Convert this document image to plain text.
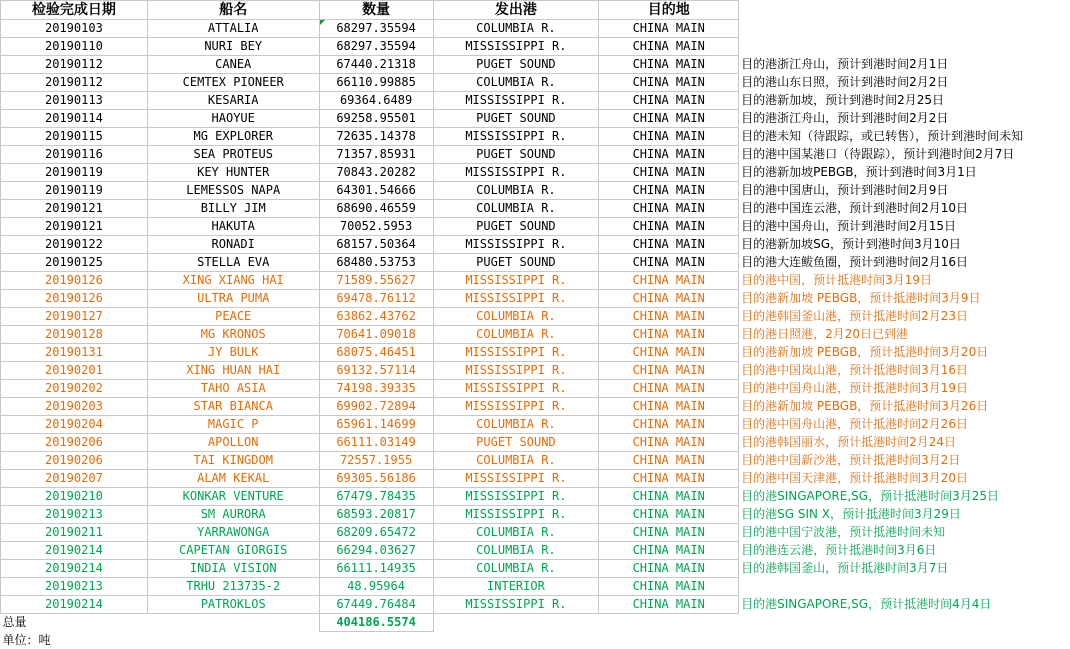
检验完成日期	船名	数量	发出港	目的地	
20190103	ATTALIA	68297.35594	COLUMBIA R.	CHINA MAIN	
20190110	NURI BEY	68297.35594	MISSISSIPPI R.	CHINA MAIN	
20190112	CANEA	67440.21318	PUGET SOUND	CHINA MAIN	目的港浙江舟山，预计到港时间2月1日
20190112	CEMTEX PIONEER	66110.99885	COLUMBIA R.	CHINA MAIN	目的港山东日照，预计到港时间2月2日
20190113	KESARIA	69364.6489	MISSISSIPPI R.	CHINA MAIN	目的港新加坡，预计到港时间2月25日
20190114	HAOYUE	69258.95501	PUGET SOUND	CHINA MAIN	目的港浙江舟山，预计到港时间2月2日
20190115	MG EXPLORER	72635.14378	MISSISSIPPI R.	CHINA MAIN	目的港未知（待跟踪，或已转售），预计到港时间未知
20190116	SEA PROTEUS	71357.85931	PUGET SOUND	CHINA MAIN	目的港中国某港口（待跟踪），预计到港时间2月7日
20190119	KEY HUNTER	70843.20282	MISSISSIPPI R.	CHINA MAIN	目的港新加坡PEBGB，预计到港时间3月1日
20190119	LEMESSOS NAPA	64301.54666	COLUMBIA R.	CHINA MAIN	目的港中国唐山，预计到港时间2月9日
20190121	BILLY JIM	68690.46559	COLUMBIA R.	CHINA MAIN	目的港中国连云港，预计到港时间2月10日
20190121	HAKUTA	70052.5953	PUGET SOUND	CHINA MAIN	目的港中国舟山，预计到港时间2月15日
20190122	RONADI	68157.50364	MISSISSIPPI R.	CHINA MAIN	目的港新加坡SG，预计到港时间3月10日
20190125	STELLA EVA	68480.53753	PUGET SOUND	CHINA MAIN	目的港大连鲅鱼圈，预计到港时间2月16日
20190126	XING XIANG HAI	71589.55627	MISSISSIPPI R.	CHINA MAIN	目的港中国，预计抵港时间3月19日
20190126	ULTRA PUMA	69478.76112	MISSISSIPPI R.	CHINA MAIN	目的港新加坡 PEBGB，预计抵港时间3月9日
20190127	PEACE	63862.43762	COLUMBIA R.	CHINA MAIN	目的港韩国釜山港，预计抵港时间2月23日
20190128	MG KRONOS	70641.09018	COLUMBIA R.	CHINA MAIN	目的港日照港，2月20日已到港
20190131	JY BULK	68075.46451	MISSISSIPPI R.	CHINA MAIN	目的港新加坡 PEBGB，预计抵港时间3月20日
20190201	XING HUAN HAI	69132.57114	MISSISSIPPI R.	CHINA MAIN	目的港中国岚山港，预计抵港时间3月16日
20190202	TAHO ASIA	74198.39335	MISSISSIPPI R.	CHINA MAIN	目的港中国舟山港，预计抵港时间3月19日
20190203	STAR BIANCA	69902.72894	MISSISSIPPI R.	CHINA MAIN	目的港新加坡 PEBGB，预计抵港时间3月26日
20190204	MAGIC P	65961.14699	COLUMBIA R.	CHINA MAIN	目的港中国舟山港，预计抵港时间2月26日
20190206	APOLLON	66111.03149	PUGET SOUND	CHINA MAIN	目的港韩国丽水，预计抵港时间2月24日
20190206	TAI KINGDOM	72557.1955	COLUMBIA R.	CHINA MAIN	目的港中国新沙港，预计抵港时间3月2日
20190207	ALAM KEKAL	69305.56186	MISSISSIPPI R.	CHINA MAIN	目的港中国天津港，预计抵港时间3月20日
20190210	KONKAR VENTURE	67479.78435	MISSISSIPPI R.	CHINA MAIN	目的港SINGAPORE,SG，预计抵港时间3月25日
20190213	SM AURORA	68593.20817	MISSISSIPPI R.	CHINA MAIN	目的港SG SIN X，预计抵港时间3月29日
20190211	YARRAWONGA	68209.65472	COLUMBIA R.	CHINA MAIN	目的港中国宁波港，预计抵港时间未知
20190214	CAPETAN GIORGIS	66294.03627	COLUMBIA R.	CHINA MAIN	目的港连云港，预计抵港时间3月6日
20190214	INDIA VISION	66111.14935	COLUMBIA R.	CHINA MAIN	目的港韩国釜山，预计抵港时间3月7日
20190213	TRHU 213735-2	48.95964	INTERIOR	CHINA MAIN	
20190214	PATROKLOS	67449.76484	MISSISSIPPI R.	CHINA MAIN	目的港SINGAPORE,SG，预计抵港时间4月4日
总量		404186.5574			
单位：吨					
